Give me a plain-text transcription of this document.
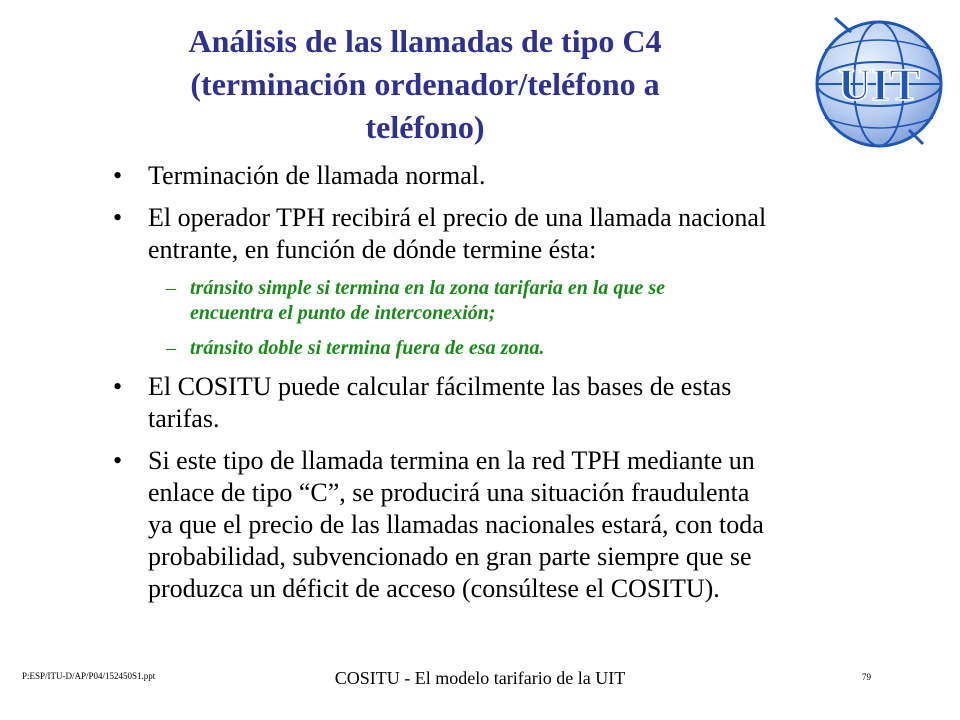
Análisis de las llamadas de tipo C4
(terminación ordenador/teléfono a
teléfono)
UIT
• Terminación de llamada normal.
• El operador TPH recibirá el precio de una llamada nacional
entrante, en función de dónde termine ésta:
– tránsito simple si termina en la zona tarifaria en la que se
encuentra el punto de interconexión;
– tránsito doble si termina fuera de esa zona.
• El COSITU puede calcular fácilmente las bases de estas
tarifas.
• Si este tipo de llamada termina en la red TPH mediante un
enlace de tipo “C”, se producirá una situación fraudulenta
ya que el precio de las llamadas nacionales estará, con toda
probabilidad, subvencionado en gran parte siempre que se
produzca un déficit de acceso (consúltese el COSITU).
P:ESP/ITU-D/AP/P04/152450S1.ppt	COSITU - El modelo tarifario de la UIT	79
